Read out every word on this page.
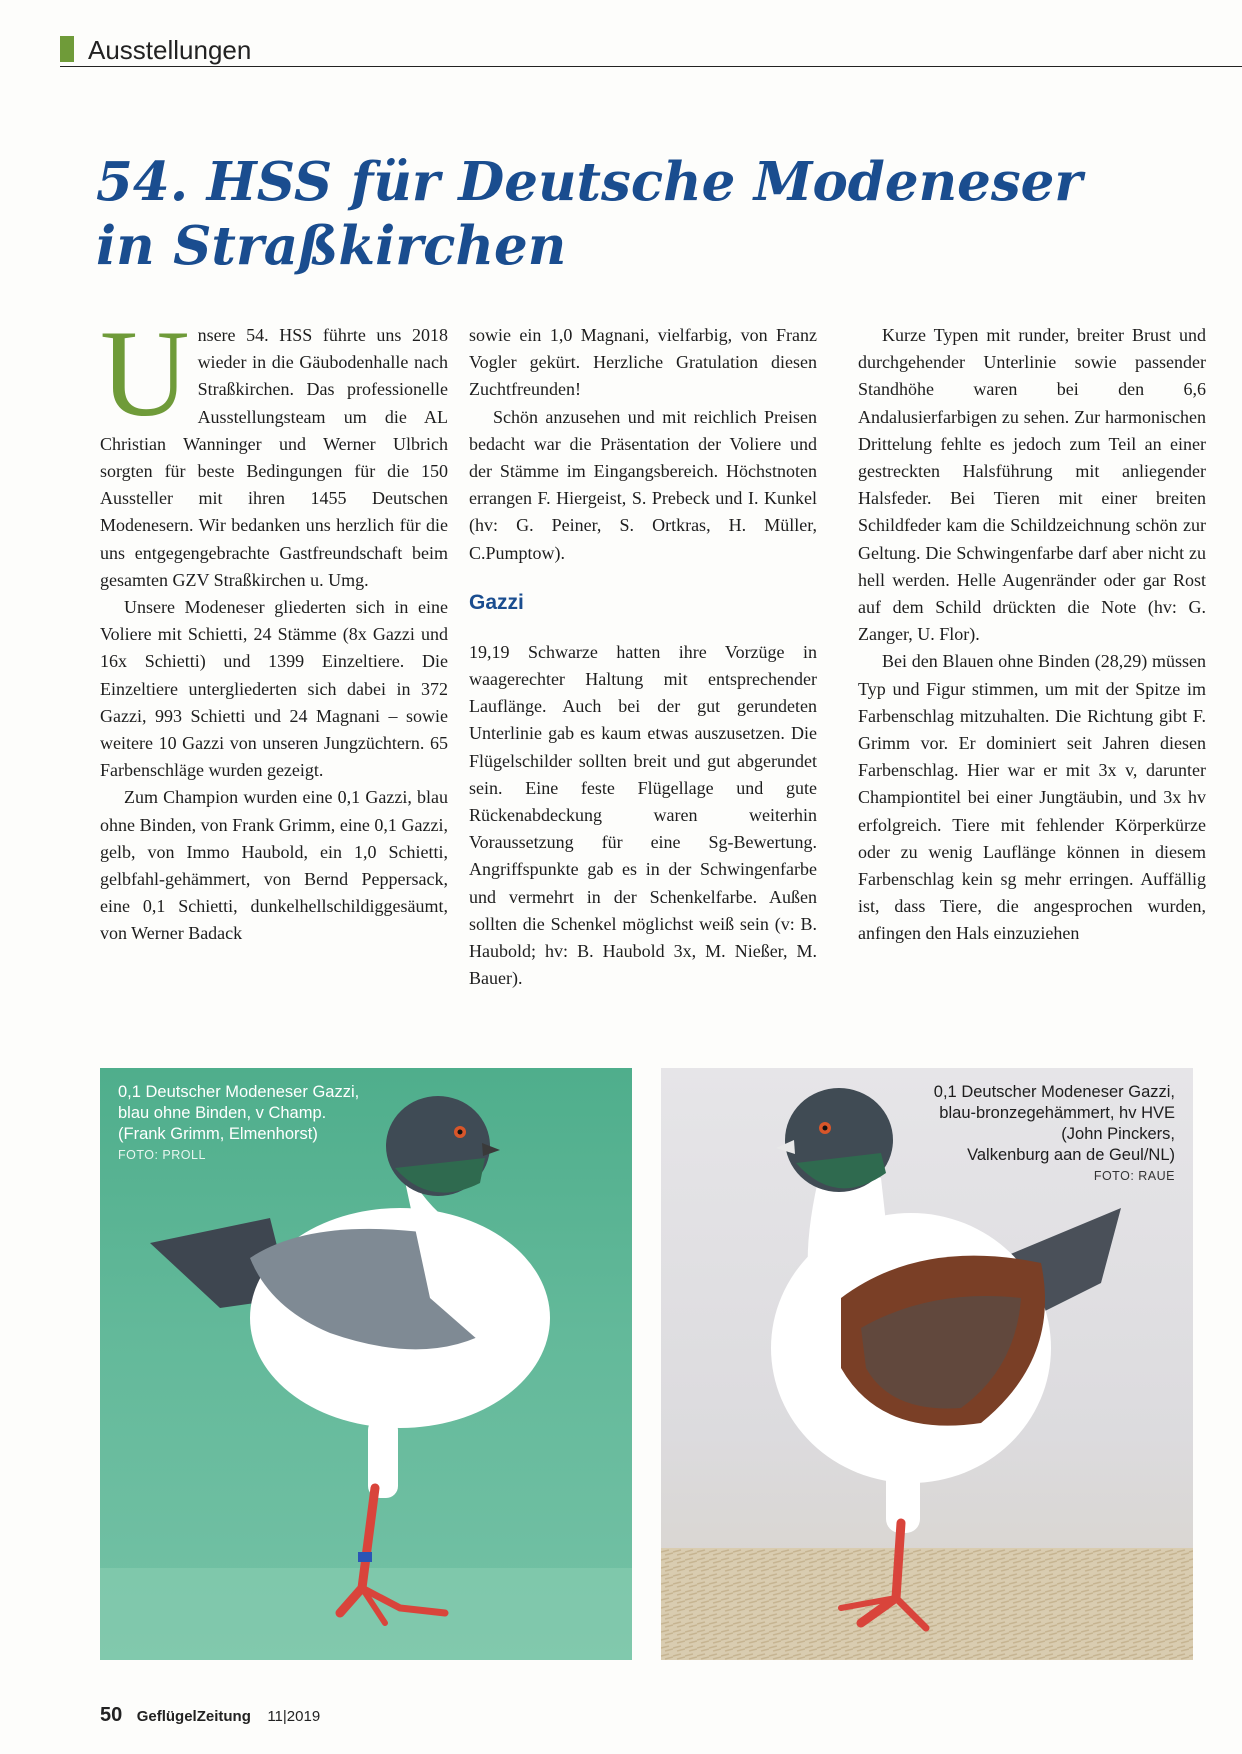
Ausstellungen
54. HSS für Deutsche Modeneser
in Straßkirchen

Unsere 54. HSS führte uns 2018 wieder in die Gäubodenhalle nach Straßkirchen. Das professionelle Ausstellungsteam um die AL Christian Wanninger und Werner Ulbrich sorgten für beste Bedingungen für die 150 Aussteller mit ihren 1455 Deutschen Modenesern. Wir bedanken uns herzlich für die uns entgegengebrachte Gastfreundschaft beim gesamten GZV Straßkirchen u. Umg.

Unsere Modeneser gliederten sich in eine Voliere mit Schietti, 24 Stämme (8x Gazzi und 16x Schietti) und 1399 Einzeltiere. Die Einzeltiere untergliederten sich dabei in 372 Gazzi, 993 Schietti und 24 Magnani – sowie weitere 10 Gazzi von unseren Jungzüchtern. 65 Farbenschläge wurden gezeigt.

Zum Champion wurden eine 0,1 Gazzi, blau ohne Binden, von Frank Grimm, eine 0,1 Gazzi, gelb, von Immo Haubold, ein 1,0 Schietti, gelbfahl-gehämmert, von Bernd Peppersack, eine 0,1 Schietti, dunkelhellschildiggesäumt, von Werner Badack

sowie ein 1,0 Magnani, vielfarbig, von Franz Vogler gekürt. Herzliche Gratulation diesen Zuchtfreunden!

Schön anzusehen und mit reichlich Preisen bedacht war die Präsentation der Voliere und der Stämme im Eingangsbereich. Höchstnoten errangen F. Hiergeist, S. Prebeck und I. Kunkel (hv: G. Peiner, S. Ortkras, H. Müller, C.Pumptow).

Gazzi

19,19 Schwarze hatten ihre Vorzüge in waagerechter Haltung mit entsprechender Lauflänge. Auch bei der gut gerundeten Unterlinie gab es kaum etwas auszusetzen. Die Flügelschilder sollten breit und gut abgerundet sein. Eine feste Flügellage und gute Rückenabdeckung waren weiterhin Voraussetzung für eine Sg-Bewertung. Angriffspunkte gab es in der Schwingenfarbe und vermehrt in der Schenkelfarbe. Außen sollten die Schenkel möglichst weiß sein (v: B. Haubold; hv: B. Haubold 3x, M. Nießer, M. Bauer).

Kurze Typen mit runder, breiter Brust und durchgehender Unterlinie sowie passender Standhöhe waren bei den 6,6 Andalusierfarbigen zu sehen. Zur harmonischen Drittelung fehlte es jedoch zum Teil an einer gestreckten Halsführung mit anliegender Halsfeder. Bei Tieren mit einer breiten Schildfeder kam die Schildzeichnung schön zur Geltung. Die Schwingenfarbe darf aber nicht zu hell werden. Helle Augenränder oder gar Rost auf dem Schild drückten die Note (hv: G. Zanger, U. Flor).

Bei den Blauen ohne Binden (28,29) müssen Typ und Figur stimmen, um mit der Spitze im Farbenschlag mitzuhalten. Die Richtung gibt F. Grimm vor. Er dominiert seit Jahren diesen Farbenschlag. Hier war er mit 3x v, darunter Championtitel bei einer Jungtäubin, und 3x hv erfolgreich. Tiere mit fehlender Körperkürze oder zu wenig Lauflänge können in diesem Farbenschlag kein sg mehr erringen. Auffällig ist, dass Tiere, die angesprochen wurden, anfingen den Hals einzuziehen

0,1 Deutscher Modeneser Gazzi,
blau ohne Binden, v Champ.
(Frank Grimm, Elmenhorst)
FOTO: PROLL
0,1 Deutscher Modeneser Gazzi,
blau-bronzegehämmert, hv HVE
(John Pinckers,
Valkenburg aan de Geul/NL)
FOTO: RAUE
50 GeflügelZeitung 11|2019
